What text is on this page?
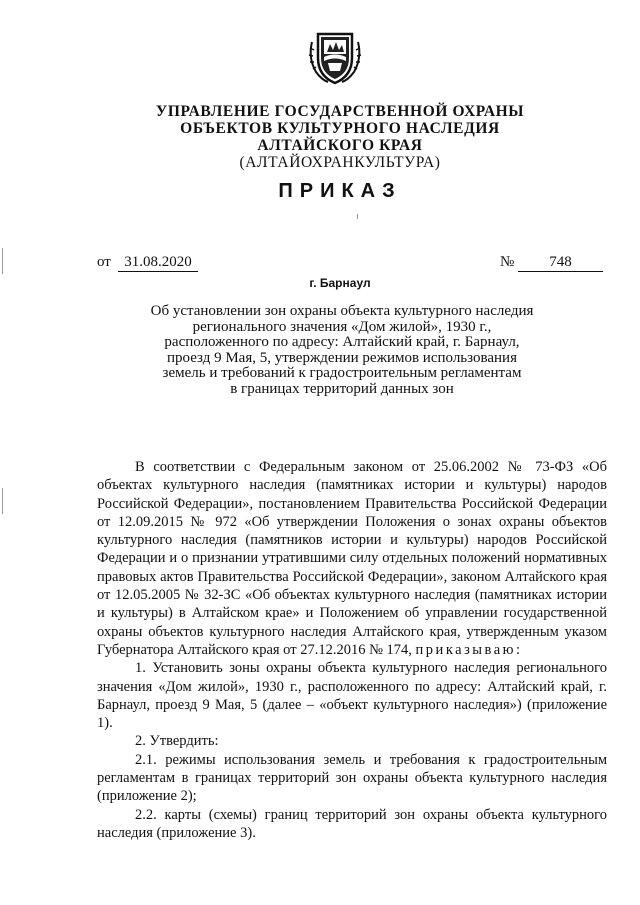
УПРАВЛЕНИЕ ГОСУДАРСТВЕННОЙ ОХРАНЫ
ОБЪЕКТОВ КУЛЬТУРНОГО НАСЛЕДИЯ
АЛТАЙСКОГО КРАЯ
(АЛТАЙОХРАНКУЛЬТУРА)
ПРИКАЗ
от 31.08.2020	№	748
г. Барнаул
Об установлении зон охраны объекта культурного наследия
регионального значения «Дом жилой», 1930 г.,
расположенного по адресу: Алтайский край, г. Барнаул,
проезд 9 Мая, 5, утверждении режимов использования
земель и требований к градостроительным регламентам
в границах территорий данных зон

В соответствии с Федеральным законом от 25.06.2002 № 73-ФЗ «Об объектах культурного наследия (памятниках истории и культуры) народов Российской Федерации», постановлением Правительства Российской Федерации от 12.09.2015 № 972 «Об утверждении Положения о зонах охраны объектов культурного наследия (памятников истории и культуры) народов Российской Федерации и о признании утратившими силу отдельных положений нормативных правовых актов Правительства Российской Федерации», законом Алтайского края от 12.05.2005 № 32-ЗС «Об объектах культурного наследия (памятниках истории и культуры) в Алтайском крае» и Положением об управлении государственной охраны объектов культурного наследия Алтайского края, утвержденным указом Губернатора Алтайского края от 27.12.2016 № 174, приказываю:

1. Установить зоны охраны объекта культурного наследия регионального значения «Дом жилой», 1930 г., расположенного по адресу: Алтайский край, г. Барнаул, проезд 9 Мая, 5 (далее – «объект культурного наследия») (приложение 1).

2. Утвердить:

2.1. режимы использования земель и требования к градостроительным регламентам в границах территорий зон охраны объекта культурного наследия (приложение 2);

2.2. карты (схемы) границ территорий зон охраны объекта культурного наследия (приложение 3).
